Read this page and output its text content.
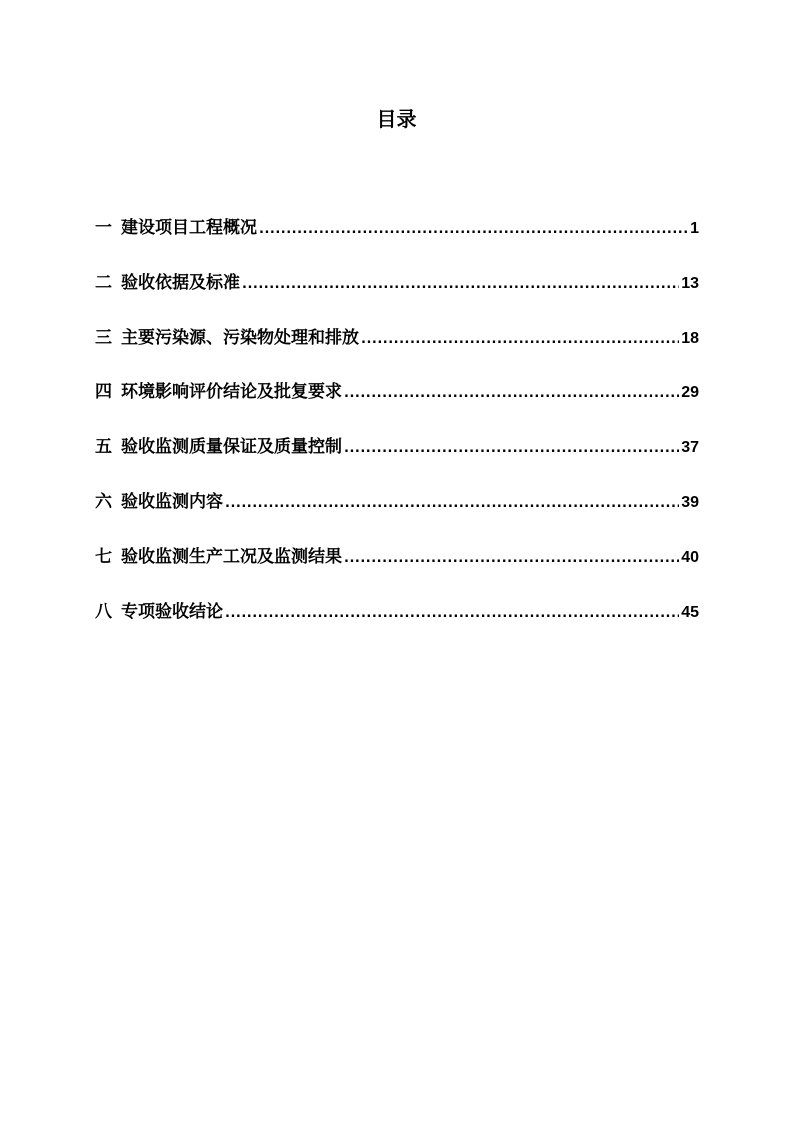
目录
一 建设项目工程概况 .....	1
二 验收依据及标准 .....	13
三 主要污染源、污染物处理和排放 .....	18
四 环境影响评价结论及批复要求 .....	29
五 验收监测质量保证及质量控制 .....	37
六 验收监测内容 .....	39
七 验收监测生产工况及监测结果 .....	40
八 专项验收结论 .....	45
